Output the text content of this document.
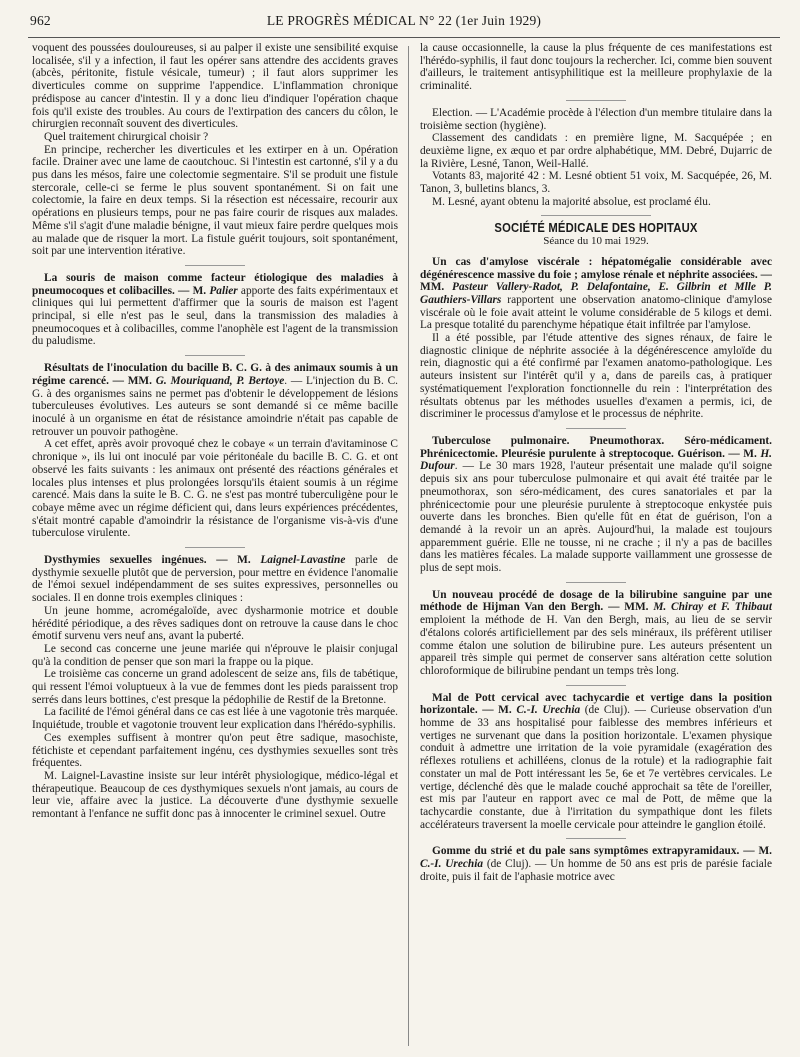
962	LE PROGRÈS MÉDICAL N° 22 (1er Juin 1929)

voquent des poussées douloureuses, si au palper il existe une sensibilité exquise localisée, s'il y a infection, il faut les opérer sans attendre des accidents graves (abcès, péritonite, fistule vésicale, tumeur) ; il faut alors supprimer les diverticules comme on supprime l'appendice. L'inflammation chronique prédispose au cancer d'intestin. Il y a donc lieu d'indiquer l'opération chaque fois qu'il existe des troubles. Au cours de l'extirpation des cancers du côlon, le chirurgien reconnaît souvent des diverticules.

Quel traitement chirurgical choisir ?

En principe, rechercher les diverticules et les extirper en à un. Opération facile. Drainer avec une lame de caoutchouc. Si l'intestin est cartonné, s'il y a du pus dans les mésos, faire une colectomie segmentaire. S'il se produit une fistule stercorale, celle-ci se ferme le plus souvent spontanément. Si on fait une colectomie, la faire en deux temps. Si la résection est nécessaire, recourir aux opérations en plusieurs temps, pour ne pas faire courir de risques aux malades. Même s'il s'agit d'une maladie bénigne, il vaut mieux faire perdre quelques mois au malade que de risquer la mort. La fistule guérit toujours, soit spontanément, soit par une intervention itérative.

La souris de maison comme facteur étiologique des maladies à pneumocoques et colibacilles. — M. Palier apporte des faits expérimentaux et cliniques qui lui permettent d'affirmer que la souris de maison est l'agent principal, si elle n'est pas le seul, dans la transmission des maladies à pneumocoques et à colibacilles, comme l'anophèle est l'agent de la transmission du paludisme.

Résultats de l'inoculation du bacille B. C. G. à des animaux soumis à un régime carencé. — MM. G. Mouriquand, P. Bertoye. — L'injection du B. C. G. à des organismes sains ne permet pas d'obtenir le développement de lésions tuberculeuses évolutives. Les auteurs se sont demandé si ce même bacille inoculé à un organisme en état de résistance amoindrie n'était pas capable de retrouver un pouvoir pathogène.

A cet effet, après avoir provoqué chez le cobaye « un terrain d'avitaminose C chronique », ils lui ont inoculé par voie péritonéale du bacille B. C. G. et ont observé les faits suivants : les animaux ont présenté des réactions générales et locales plus intenses et plus prolongées lorsqu'ils étaient soumis à un régime carencé. Mais dans la suite le B. C. G. ne s'est pas montré tuberculigène pour le cobaye même avec un régime déficient qui, dans leurs expériences précédentes, s'était montré capable d'amoindrir la résistance de l'organisme vis-à-vis d'une tuberculose virulente.

Dysthymies sexuelles ingénues. — M. Laignel-Lavastine parle de dysthymie sexuelle plutôt que de perversion, pour mettre en évidence l'anomalie de l'émoi sexuel indépendamment de ses suites expressives, personnelles ou sociales. Il en donne trois exemples cliniques :

Un jeune homme, acromégaloïde, avec dysharmonie motrice et double hérédité périodique, a des rêves sadiques dont on retrouve la cause dans le choc émotif survenu vers neuf ans, avant la puberté.

Le second cas concerne une jeune mariée qui n'éprouve le plaisir conjugal qu'à la condition de penser que son mari la frappe ou la pique.

Le troisième cas concerne un grand adolescent de seize ans, fils de tabétique, qui ressent l'émoi voluptueux à la vue de femmes dont les pieds paraissent trop serrés dans leurs bottines, c'est presque la pédophilie de Restif de la Bretonne.

La facilité de l'émoi général dans ce cas est liée à une vagotonie très marquée. Inquiétude, trouble et vagotonie trouvent leur explication dans l'hérédo-syphilis.

Ces exemples suffisent à montrer qu'on peut être sadique, masochiste, fétichiste et cependant parfaitement ingénu, ces dysthymies sexuelles sont très fréquentes.

M. Laignel-Lavastine insiste sur leur intérêt physiologique, médico-légal et thérapeutique. Beaucoup de ces dysthymiques sexuels n'ont jamais, au cours de leur vie, affaire avec la justice. La découverte d'une dysthymie sexuelle remontant à l'enfance ne suffit donc pas à innocenter le criminel sexuel. Outre

la cause occasionnelle, la cause la plus fréquente de ces manifestations est l'hérédo-syphilis, il faut donc toujours la rechercher. Ici, comme bien souvent d'ailleurs, le traitement antisyphilitique est la meilleure prophylaxie de la criminalité.

Election. — L'Académie procède à l'élection d'un membre titulaire dans la troisième section (hygiène).

Classement des candidats : en première ligne, M. Sacquépée ; en deuxième ligne, ex æquo et par ordre alphabétique, MM. Debré, Dujarric de la Rivière, Lesné, Tanon, Weil-Hallé.

Votants 83, majorité 42 : M. Lesné obtient 51 voix, M. Sacquépée, 26, M. Tanon, 3, bulletins blancs, 3.

M. Lesné, ayant obtenu la majorité absolue, est proclamé élu.

SOCIÉTÉ MÉDICALE DES HOPITAUX
Séance du 10 mai 1929.

Un cas d'amylose viscérale : hépatomégalie considérable avec dégénérescence massive du foie ; amylose rénale et néphrite associées. — MM. Pasteur Vallery-Radot, P. Delafontaine, E. Gilbrin et Mlle P. Gauthiers-Villars rapportent une observation anatomo-clinique d'amylose viscérale où le foie avait atteint le volume considérable de 5 kilogs et demi. La presque totalité du parenchyme hépatique était infiltrée par l'amylose.

Il a été possible, par l'étude attentive des signes rénaux, de faire le diagnostic clinique de néphrite associée à la dégénérescence amyloïde du rein, diagnostic qui a été confirmé par l'examen anatomo-pathologique. Les auteurs insistent sur l'intérêt qu'il y a, dans de pareils cas, à pratiquer systématiquement l'exploration fonctionnelle du rein : l'interprétation des résultats obtenus par les méthodes usuelles d'examen a permis, ici, de discriminer le processus d'amylose et le processus de néphrite.

Tuberculose pulmonaire. Pneumothorax. Séro-médicament. Phrénicectomie. Pleurésie purulente à streptocoque. Guérison. — M. H. Dufour. — Le 30 mars 1928, l'auteur présentait une malade qu'il soigne depuis six ans pour tuberculose pulmonaire et qui avait été traitée par le pneumothorax, son séro-médicament, des cures sanatoriales et par la phrénicectomie pour une pleurésie purulente à streptocoque enkystée puis ouverte dans les bronches. Bien qu'elle fût en état de guérison, l'on a demandé à la revoir un an après. Aujourd'hui, la malade est toujours apparemment guérie. Elle ne tousse, ni ne crache ; il n'y a pas de bacilles dans les matières fécales. La malade supporte vaillamment une grossesse de plus de sept mois.

Un nouveau procédé de dosage de la bilirubine sanguine par une méthode de Hijman Van den Bergh. — MM. M. Chiray et F. Thibaut emploient la méthode de H. Van den Bergh, mais, au lieu de se servir d'étalons colorés artificiellement par des sels minéraux, ils préfèrent utiliser comme étalon une solution de bilirubine pure. Les auteurs présentent un appareil très simple qui permet de conserver sans altération cette solution chloroformique de bilirubine pendant un temps très long.

Mal de Pott cervical avec tachycardie et vertige dans la position horizontale. — M. C.-I. Urechia (de Cluj). — Curieuse observation d'un homme de 33 ans hospitalisé pour faiblesse des membres inférieurs et vertiges ne survenant que dans la position horizontale. L'examen physique conduit à admettre une irritation de la voie pyramidale (exagération des réflexes rotuliens et achilléens, clonus de la rotule) et la radiographie fait constater un mal de Pott intéressant les 5e, 6e et 7e vertèbres cervicales. Le vertige, déclenché dès que le malade couché approchait sa tête de l'oreiller, est mis par l'auteur en rapport avec ce mal de Pott, de même que la tachycardie constante, due à l'irritation du sympathique dont les filets accélérateurs traversent la moelle cervicale pour atteindre le ganglion étoilé.

Gomme du strié et du pale sans symptômes extrapyramidaux. — M. C.-I. Urechia (de Cluj). — Un homme de 50 ans est pris de parésie faciale droite, puis il fait de l'aphasie motrice avec
